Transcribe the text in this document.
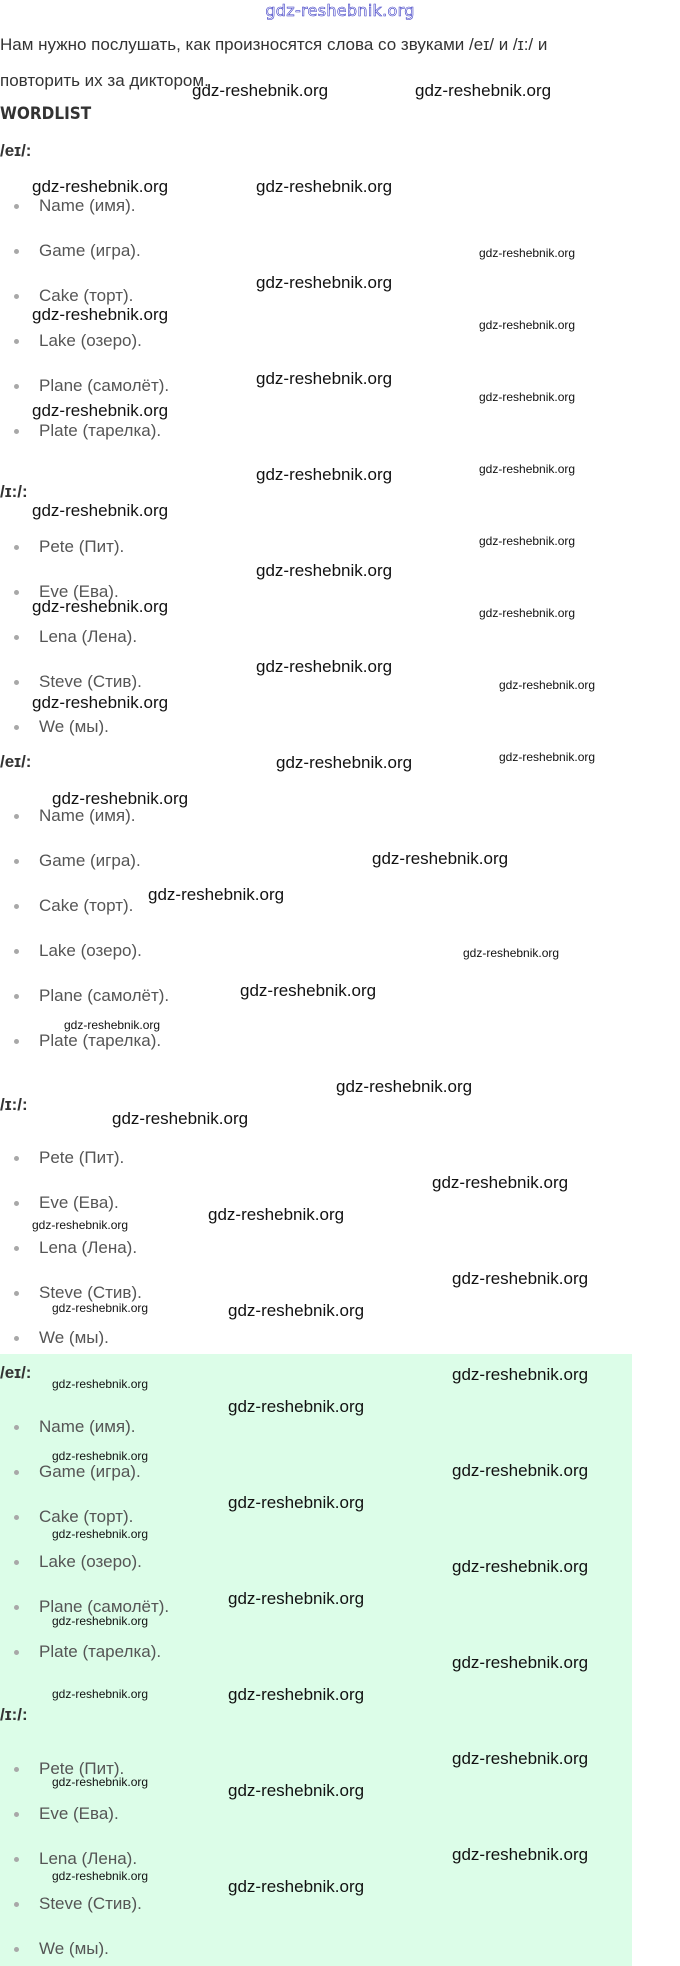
gdz-reshebnik.org
Нам нужно послушать, как произносятся слова со звуками /eɪ/ и /ɪ:/ и повторить их за диктором.
WORDLIST
/eɪ/:
Name (имя).
Game (игра).
Cake (торт).
Lake (озеро).
Plane (самолёт).
Plate (тарелка).
/ɪ:/:
Pete (Пит).
Eve (Ева).
Lena (Лена).
Steve (Стив).
We (мы).
/eɪ/:
Name (имя).
Game (игра).
Cake (торт).
Lake (озеро).
Plane (самолёт).
Plate (тарелка).
/ɪ:/:
Pete (Пит).
Eve (Ева).
Lena (Лена).
Steve (Стив).
We (мы).
/eɪ/:
Name (имя).
Game (игра).
Cake (торт).
Lake (озеро).
Plane (самолёт).
Plate (тарелка).
/ɪ:/:
Pete (Пит).
Eve (Ева).
Lena (Лена).
Steve (Стив).
We (мы).
gdz-reshebnik.org	gdz-reshebnik.org
gdz-reshebnik.org	gdz-reshebnik.org
gdz-reshebnik.org
gdz-reshebnik.org
gdz-reshebnik.org
gdz-reshebnik.org
gdz-reshebnik.org
gdz-reshebnik.org
gdz-reshebnik.org
gdz-reshebnik.org	gdz-reshebnik.org
gdz-reshebnik.org
gdz-reshebnik.org
gdz-reshebnik.org
gdz-reshebnik.org	gdz-reshebnik.org
gdz-reshebnik.org
gdz-reshebnik.org
gdz-reshebnik.org
gdz-reshebnik.org	gdz-reshebnik.org
gdz-reshebnik.org
gdz-reshebnik.org
gdz-reshebnik.org
gdz-reshebnik.org
gdz-reshebnik.org
gdz-reshebnik.org
gdz-reshebnik.org
gdz-reshebnik.org
gdz-reshebnik.org
gdz-reshebnik.org
gdz-reshebnik.org
gdz-reshebnik.org
gdz-reshebnik.org	gdz-reshebnik.org
gdz-reshebnik.org
gdz-reshebnik.org
gdz-reshebnik.org
gdz-reshebnik.org
gdz-reshebnik.org
gdz-reshebnik.org
gdz-reshebnik.org
gdz-reshebnik.org
gdz-reshebnik.org
gdz-reshebnik.org
gdz-reshebnik.org
gdz-reshebnik.org
gdz-reshebnik.org
gdz-reshebnik.org
gdz-reshebnik.org	gdz-reshebnik.org
gdz-reshebnik.org
gdz-reshebnik.org
gdz-reshebnik.org
